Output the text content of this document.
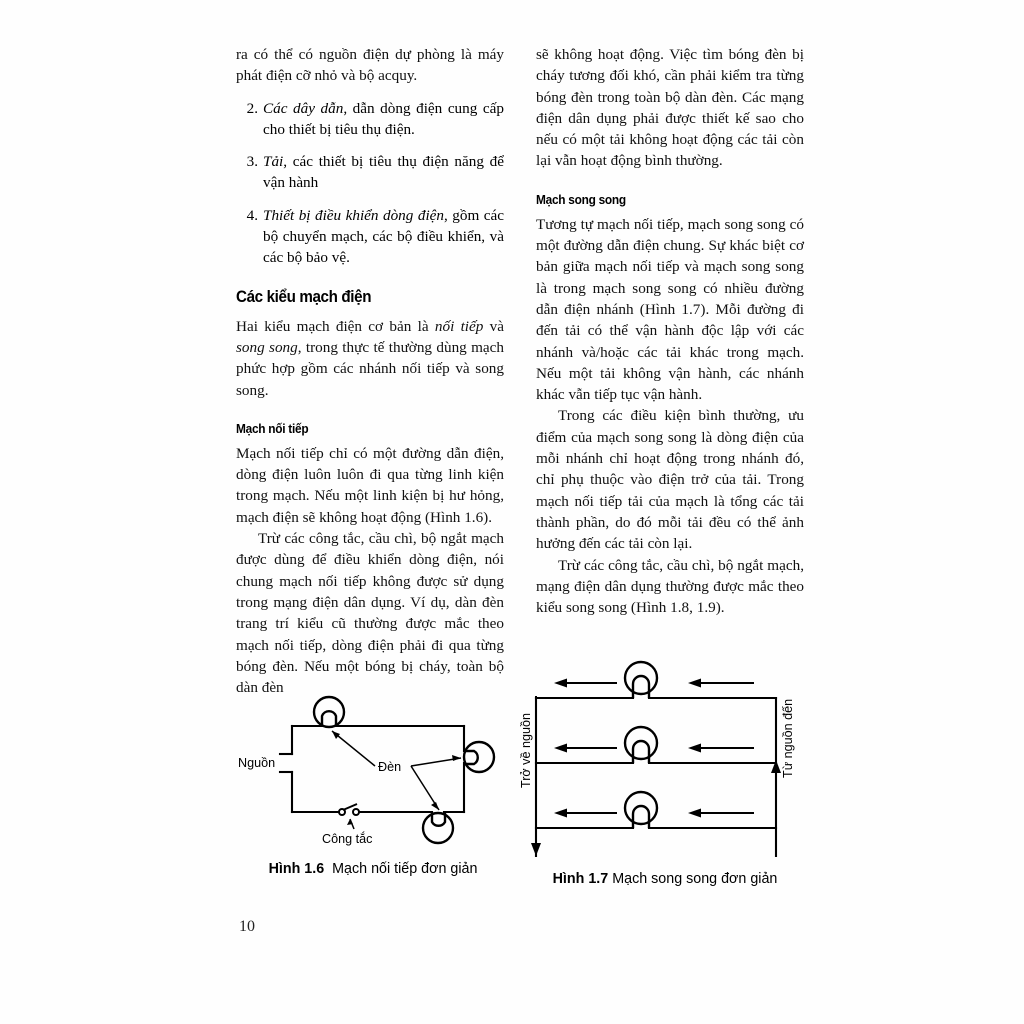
ra có thể có nguồn điện dự phòng là máy phát điện cỡ nhỏ và bộ acquy.

2. Các dây dẫn, dẫn dòng điện cung cấp cho thiết bị tiêu thụ điện.
3. Tải, các thiết bị tiêu thụ điện năng để vận hành
4. Thiết bị điều khiển dòng điện, gồm các bộ chuyển mạch, các bộ điều khiển, và các bộ bảo vệ.
Các kiểu mạch điện

Hai kiểu mạch điện cơ bản là nối tiếp và song song, trong thực tế thường dùng mạch phức hợp gồm các nhánh nối tiếp và song song.

Mạch nối tiếp

Mạch nối tiếp chỉ có một đường dẫn điện, dòng điện luôn luôn đi qua từng linh kiện trong mạch. Nếu một linh kiện bị hư hỏng, mạch điện sẽ không hoạt động (Hình 1.6).

Trừ các công tắc, cầu chì, bộ ngắt mạch được dùng để điều khiển dòng điện, nói chung mạch nối tiếp không được sử dụng trong mạng điện dân dụng. Ví dụ, dàn đèn trang trí kiểu cũ thường được mắc theo mạch nối tiếp, dòng điện phải đi qua từng bóng đèn. Nếu một bóng bị cháy, toàn bộ dàn đèn

sẽ không hoạt động. Việc tìm bóng đèn bị cháy tương đối khó, cần phải kiểm tra từng bóng đèn trong toàn bộ dàn đèn. Các mạng điện dân dụng phải được thiết kế sao cho nếu có một tải không hoạt động các tải còn lại vẫn hoạt động bình thường.

Mạch song song

Tương tự mạch nối tiếp, mạch song song có một đường dẫn điện chung. Sự khác biệt cơ bản giữa mạch nối tiếp và mạch song song là trong mạch song song có nhiều đường dẫn điện nhánh (Hình 1.7). Mỗi đường đi đến tải có thể vận hành độc lập với các nhánh và/hoặc các tải khác trong mạch. Nếu một tải không vận hành, các nhánh khác vẫn tiếp tục vận hành.

Trong các điều kiện bình thường, ưu điểm của mạch song song là dòng điện của mỗi nhánh chỉ hoạt động trong nhánh đó, chỉ phụ thuộc vào điện trở của tải. Trong mạch nối tiếp tải của mạch là tổng các tải thành phần, do đó mỗi tải đều có thể ảnh hưởng đến các tải còn lại.

Trừ các công tắc, cầu chì, bộ ngắt mạch, mạng điện dân dụng thường được mắc theo kiểu song song (Hình 1.8, 1.9).

Nguồn	Đèn
Công tắc
Hình 1.6 Mạch nối tiếp đơn giản
Trở về nguồn	Từ nguồn đến
Hình 1.7 Mạch song song đơn giản
10
